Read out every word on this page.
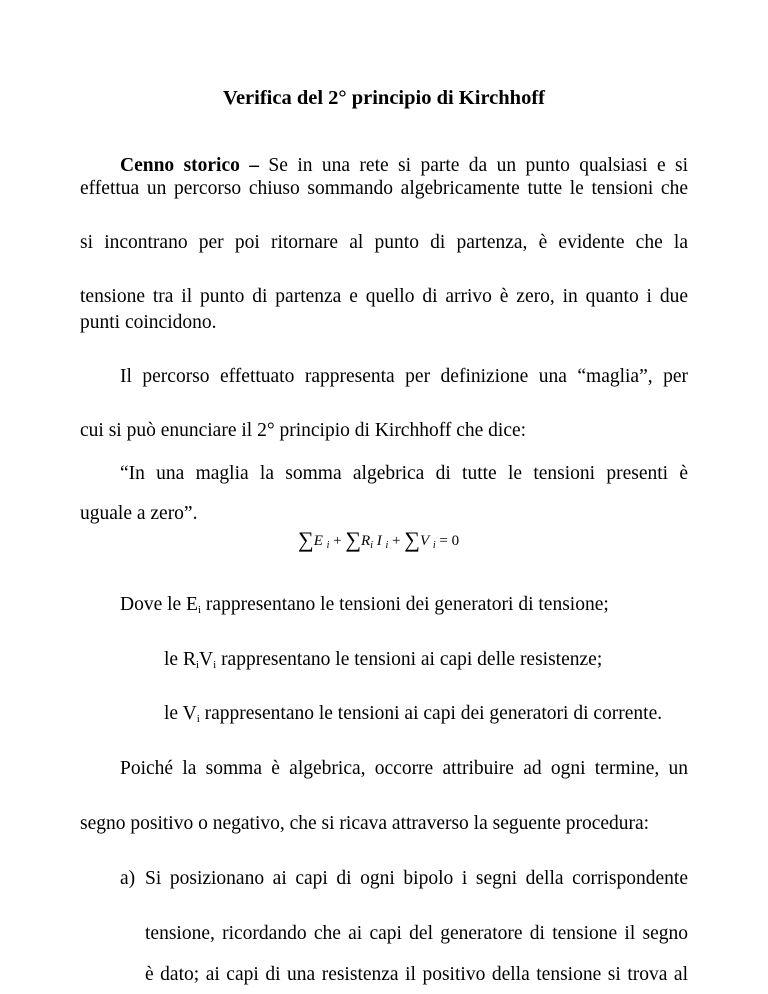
Verifica del 2° principio di Kirchhoff
Cenno storico – Se in una rete si parte da un punto qualsiasi e si
effettua un percorso chiuso sommando algebricamente tutte le tensioni che
si incontrano per poi ritornare al punto di partenza, è evidente che la
tensione tra il punto di partenza e quello di arrivo è zero, in quanto i due
punti coincidono.
Il percorso effettuato rappresenta per definizione una “maglia”, per
cui si può enunciare il 2° principio di Kirchhoff che dice:
“In una maglia la somma algebrica di tutte le tensioni presenti è
uguale a zero”.
∑E $_i + \sum R_i$ I $_i$ + ∑V $_i$ = 0
Dove le Ei rappresentano le tensioni dei generatori di tensione;
le RiVi rappresentano le tensioni ai capi delle resistenze;
le Vi rappresentano le tensioni ai capi dei generatori di corrente.
Poiché la somma è algebrica, occorre attribuire ad ogni termine, un
segno positivo o negativo, che si ricava attraverso la seguente procedura:
a) Si posizionano ai capi di ogni bipolo i segni della corrispondente
tensione, ricordando che ai capi del generatore di tensione il segno
è dato; ai capi di una resistenza il positivo della tensione si trova al
